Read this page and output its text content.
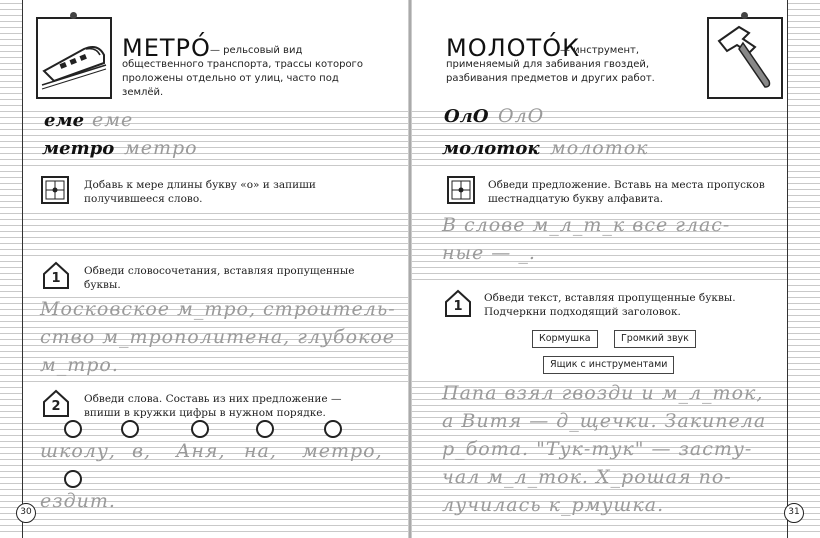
МЕТРО́ — рельсовый вид общественного транспорта, трассы которого проложены отдельно от улиц, часто под землёй.
еме еме
метро метро
Добавь к мере длины букву «о» и запиши получившееся слово.
1	Обведи словосочетания, вставляя пропущенные буквы.
Московское м_тро, строитель-
ство м_трополитена, глубокое
м_тро.
2	Обведи слова. Составь из них предложение — впиши в кружки цифры в нужном порядке.
школу, в, Аня, на, метро,
ездит.
30
МОЛОТО́К
— инструмент, применяемый для забивания гвоздей, разбивания предметов и других работ.
ОлО ОлО
молоток молоток
Обведи предложение. Вставь на места пропусков шестнадцатую букву алфавита.
В слове м_л_т_к все глас-
ные — _.
1
Обведи текст, вставляя пропущенные буквы. Подчеркни подходящий заголовок.
Кормушка	Громкий звук
Ящик с инструментами
Папа взял гвозди и м_л_ток,
а Витя — д_щечки. Закипела
р_бота. "Тук-тук" — засту-
чал м_л_ток. Х_рошая по-
лучилась к_рмушка.	31
